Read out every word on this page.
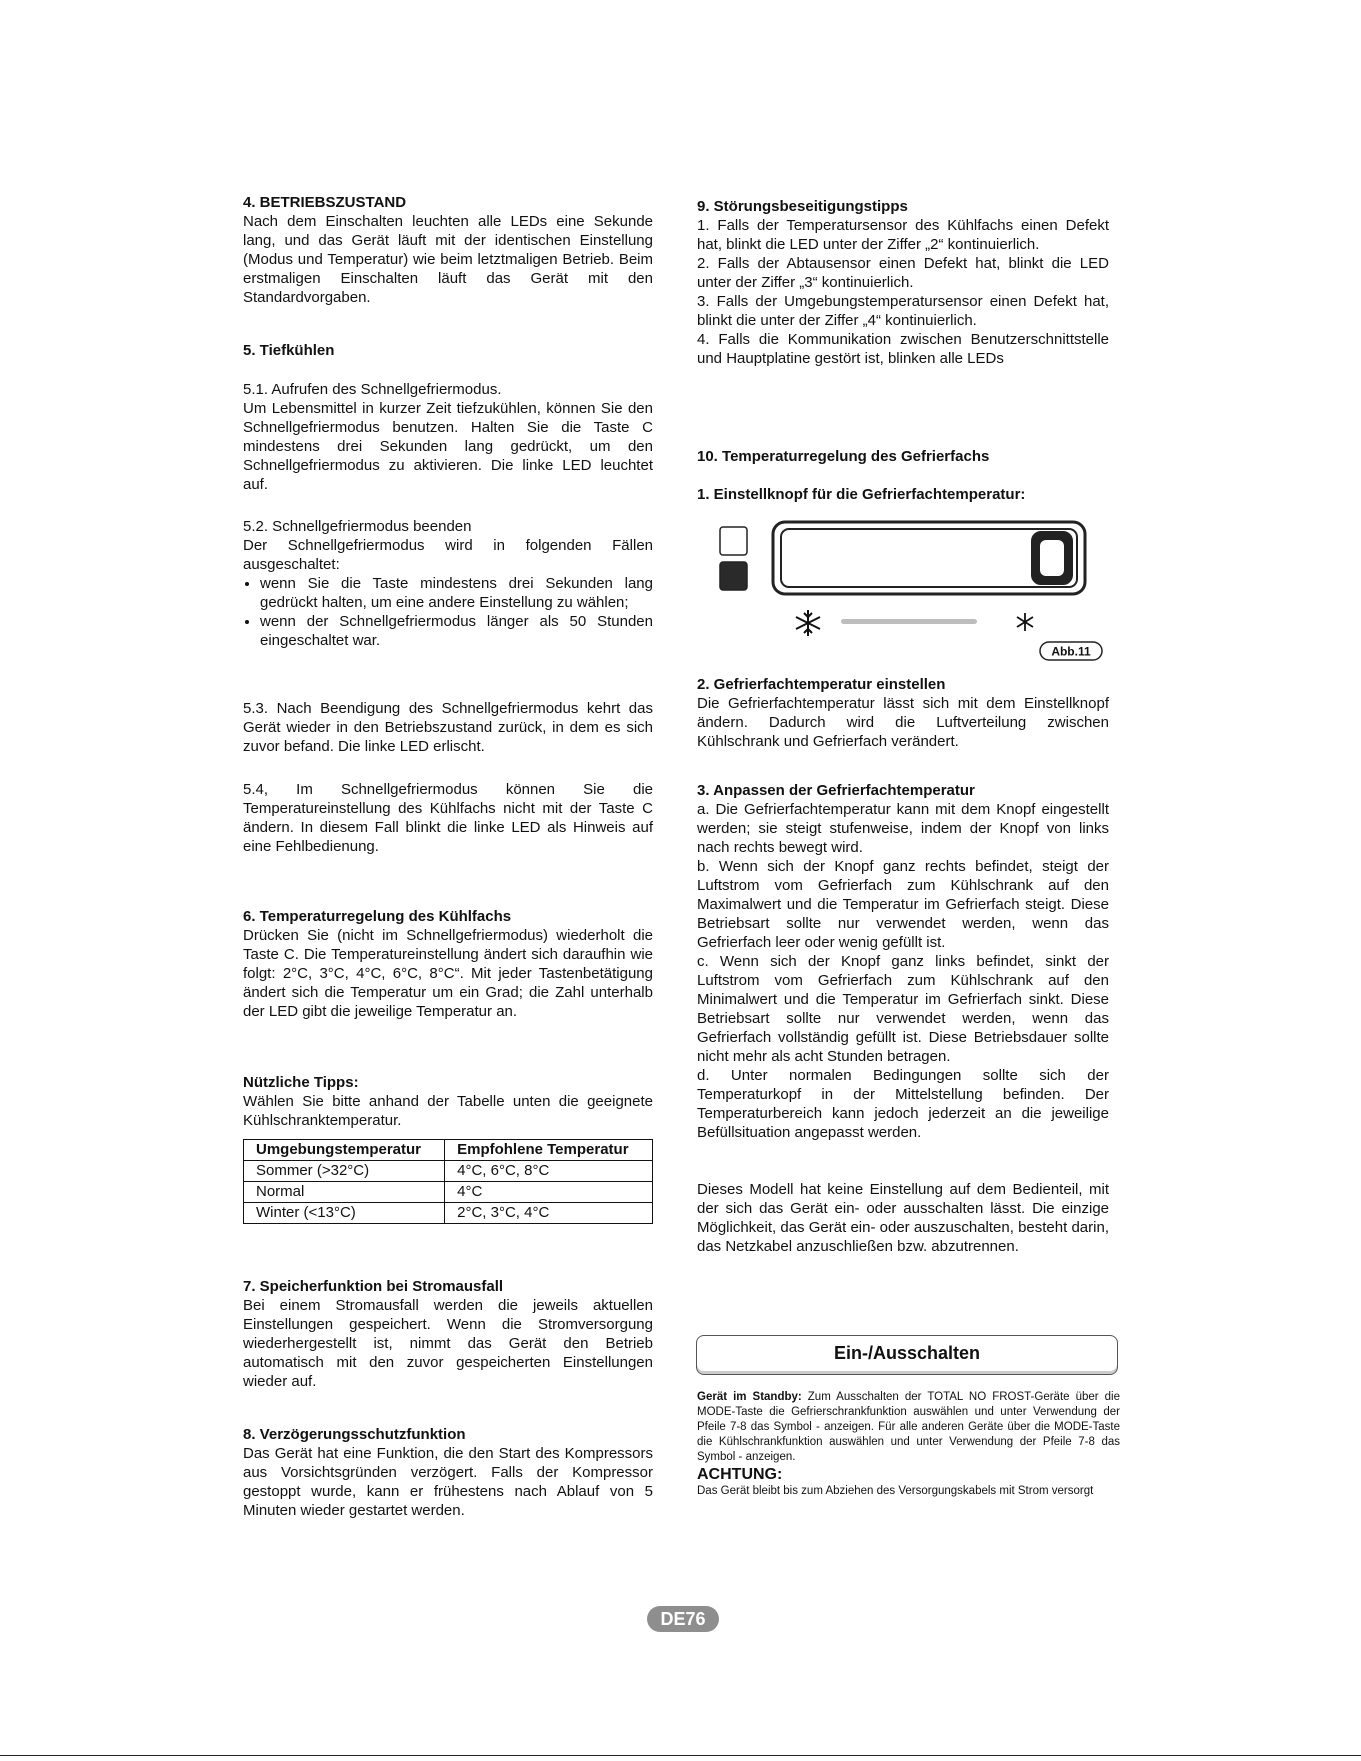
4. BETRIEBSZUSTAND

Nach dem Einschalten leuchten alle LEDs eine Sekunde lang, und das Gerät läuft mit der identischen Einstellung (Modus und Temperatur) wie beim letztmaligen Betrieb. Beim erstmaligen Einschalten läuft das Gerät mit den Standardvorgaben.

5. Tiefkühlen

5.1. Aufrufen des Schnellgefriermodus.

Um Lebensmittel in kurzer Zeit tiefzukühlen, können Sie den Schnellgefriermodus benutzen. Halten Sie die Taste C mindestens drei Sekunden lang gedrückt, um den Schnellgefriermodus zu aktivieren. Die linke LED leuchtet auf.

5.2. Schnellgefriermodus beenden

Der Schnellgefriermodus wird in folgenden Fällen ausgeschaltet:

• wenn Sie die Taste mindestens drei Sekunden lang gedrückt halten, um eine andere Einstellung zu wählen;
• wenn der Schnellgefriermodus länger als 50 Stunden eingeschaltet war.

5.3. Nach Beendigung des Schnellgefriermodus kehrt das Gerät wieder in den Betriebszustand zurück, in dem es sich zuvor befand. Die linke LED erlischt.

5.4, Im Schnellgefriermodus können Sie die Temperatureinstellung des Kühlfachs nicht mit der Taste C ändern. In diesem Fall blinkt die linke LED als Hinweis auf eine Fehlbedienung.

6. Temperaturregelung des Kühlfachs

Drücken Sie (nicht im Schnellgefriermodus) wiederholt die Taste C. Die Temperatureinstellung ändert sich daraufhin wie folgt: 2°C, 3°C, 4°C, 6°C, 8°C“. Mit jeder Tastenbetätigung ändert sich die Temperatur um ein Grad; die Zahl unterhalb der LED gibt die jeweilige Temperatur an.

Nützliche Tipps:

Wählen Sie bitte anhand der Tabelle unten die geeignete Kühlschranktemperatur.

Umgebungstemperatur	Empfohlene Temperatur
Sommer (>32°C)	4°C, 6°C, 8°C
Normal	4°C
Winter (<13°C)	2°C, 3°C, 4°C
7. Speicherfunktion bei Stromausfall

Bei einem Stromausfall werden die jeweils aktuellen Einstellungen gespeichert. Wenn die Stromversorgung wiederhergestellt ist, nimmt das Gerät den Betrieb automatisch mit den zuvor gespeicherten Einstellungen wieder auf.

8. Verzögerungsschutzfunktion

Das Gerät hat eine Funktion, die den Start des Kompressors aus Vorsichtsgründen verzögert. Falls der Kompressor gestoppt wurde, kann er frühestens nach Ablauf von 5 Minuten wieder gestartet werden.

9. Störungsbeseitigungstipps

1. Falls der Temperatursensor des Kühlfachs einen Defekt hat, blinkt die LED unter der Ziffer „2“ kontinuierlich.

2. Falls der Abtausensor einen Defekt hat, blinkt die LED unter der Ziffer „3“ kontinuierlich.

3. Falls der Umgebungstemperatursensor einen Defekt hat, blinkt die unter der Ziffer „4“ kontinuierlich.

4. Falls die Kommunikation zwischen Benutzerschnittstelle und Hauptplatine gestört ist, blinken alle LEDs

10. Temperaturregelung des Gefrierfachs
1. Einstellknopf für die Gefrierfachtemperatur:
2. Gefrierfachtemperatur einstellen

Die Gefrierfachtemperatur lässt sich mit dem Einstellknopf ändern. Dadurch wird die Luftverteilung zwischen Kühlschrank und Gefrierfach verändert.

3. Anpassen der Gefrierfachtemperatur

a. Die Gefrierfachtemperatur kann mit dem Knopf eingestellt werden; sie steigt stufenweise, indem der Knopf von links nach rechts bewegt wird.

b. Wenn sich der Knopf ganz rechts befindet, steigt der Luftstrom vom Gefrierfach zum Kühlschrank auf den Maximalwert und die Temperatur im Gefrierfach steigt. Diese Betriebsart sollte nur verwendet werden, wenn das Gefrierfach leer oder wenig gefüllt ist.

c. Wenn sich der Knopf ganz links befindet, sinkt der Luftstrom vom Gefrierfach zum Kühlschrank auf den Minimalwert und die Temperatur im Gefrierfach sinkt. Diese Betriebsart sollte nur verwendet werden, wenn das Gefrierfach vollständig gefüllt ist. Diese Betriebsdauer sollte nicht mehr als acht Stunden betragen.

d. Unter normalen Bedingungen sollte sich der Temperaturkopf in der Mittelstellung befinden. Der Temperaturbereich kann jedoch jederzeit an die jeweilige Befüllsituation angepasst werden.

Dieses Modell hat keine Einstellung auf dem Bedienteil, mit der sich das Gerät ein- oder ausschalten lässt. Die einzige Möglichkeit, das Gerät ein- oder auszuschalten, besteht darin, das Netzkabel anzuschließen bzw. abzutrennen.

Gerät im Standby: Zum Ausschalten der TOTAL NO FROST-Geräte über die MODE-Taste die Gefrierschrankfunktion auswählen und unter Verwendung der Pfeile 7-8 das Symbol - anzeigen. Für alle anderen Geräte über die MODE-Taste die Kühlschrankfunktion auswählen und unter Verwendung der Pfeile 7-8 das Symbol - anzeigen.

ACHTUNG:

Das Gerät bleibt bis zum Abziehen des Versorgungskabels mit Strom versorgt

Abb.11
Ein-/Ausschalten
DE76
